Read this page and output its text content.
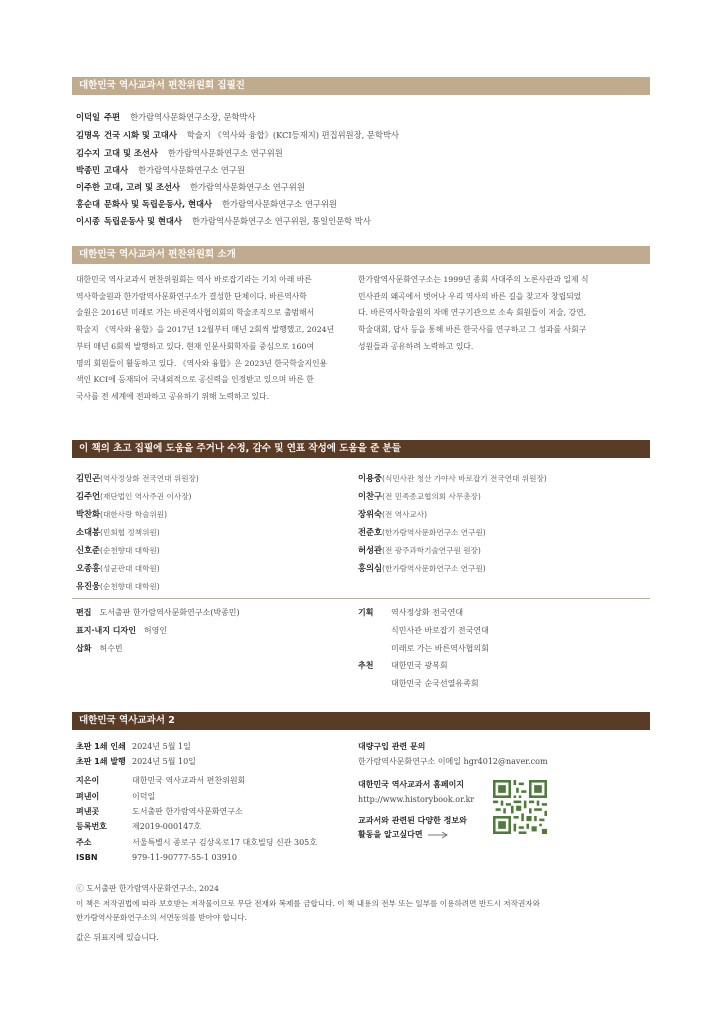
대한민국 역사교과서 편찬위원회 집필진
이덕일 주편 한가람역사문화연구소장, 문학박사
김명옥 건국 시화 및 고대사 학술지 《역사와 융합》(KCI등재지) 편집위원장, 문학박사
김수지 고대 및 조선사 한가람역사문화연구소 연구위원
박종민 고대사 한가람역사문화연구소 연구원
이주한 고대, 고려 및 조선사 한가람역사문화연구소 연구위원
홍순대 문화사 및 독립운동사, 현대사 한가람역사문화연구소 연구위원
이시종 독립운동사 및 현대사 한가람역사문화연구소 연구위원, 통일인문학 박사
대한민국 역사교과서 편찬위원회 소개
대한민국 역사교과서 편찬위원회는 역사 바로잡기라는 기치 아래 바른
역사학술원과 한가람역사문화연구소가 결성한 단체이다. 바른역사학
술원은 2016년 미래로 가는 바른역사협의회의 학술조직으로 출범해서
학술지 《역사와 융합》을 2017년 12월부터 매년 2회씩 발행했고, 2024년
부터 매년 6회씩 발행하고 있다. 현재 인문사회학자를 중심으로 160여
명의 회원들이 활동하고 있다. 《역사와 융합》은 2023년 한국학술지인용
색인 KCI에 등재되어 국내외적으로 공신력을 인정받고 있으며 바른 한
국사를 전 세계에 전파하고 공유하기 위해 노력하고 있다.
한가람역사문화연구소는 1999년 종회 사대주의 노론사관과 일제 식
민사관의 왜곡에서 벗어나 우리 역사의 바른 길을 찾고자 창립되었
다. 바른역사학술원의 자매 연구기관으로 소속 회원들이 저술, 강연,
학술대회, 답사 등을 통해 바른 한국사를 연구하고 그 성과를 사회구
성원들과 공유하려 노력하고 있다.
이 책의 초고 집필에 도움을 주거나 수정, 감수 및 연표 작성에 도움을 준 분들
김민곤(역사정상화 전국연대 위원장)
김주언(재단법인 역사주권 이사장)
박찬화(대한사랑 학술위원)
소대봉(민회협 정책위원)
신호준(순천향대 대학원)
오종홍(성균관대 대학원)
유진웅(순천향대 대학원)
이용중(식민사관 청산 가야사 바로잡기 전국연대 위원장)
이찬구(전 민족종교협의회 사무총장)
장위숙(전 역사교사)
전준호(한가람역사문화연구소 연구원)
허성관(전 광주과학기술연구원 원장)
홍의심(한가람역사문화연구소 연구원)
편집 도서출판 한가람역사문화연구소(박종민)
표지·내지 디자인 허영인
삽화 허수빈
기획 역사정상화 전국연대
식민사관 바로잡기 전국연대
미래로 가는 바른역사협의회
추천 대한민국 광복회
대한민국 순국선열유족회
대한민국 역사교과서 2
초판 1쇄 인쇄 2024년 5월 1일
초판 1쇄 발행 2024년 5월 10일
지은이	대한민국 역사교과서 편찬위원회
펴낸이	이덕일
펴낸곳	도서출판 한가람역사문화연구소
등록번호	제2019-000147호
주소	서울특별시 종로구 김상옥로17 대호빌딩 신관 305호
ISBN	979-11-90777-55-1 03910
대량구입 관련 문의
한가람역사문화연구소 이메일 hgr4012@naver.com
대한민국 역사교과서 홈페이지
http://www.historybook.or.kr
교과서와 관련된 다양한 정보와
활동을 알고싶다면
ⓒ 도서출판 한가람역사문화연구소, 2024
이 책은 저작권법에 따라 보호받는 저작물이므로 무단 전재와 복제를 금합니다. 이 책 내용의 전부 또는 일부를 이용하려면 반드시 저작권자와
한가람역사문화연구소의 서면동의를 받아야 합니다.
값은 뒤표지에 있습니다.
